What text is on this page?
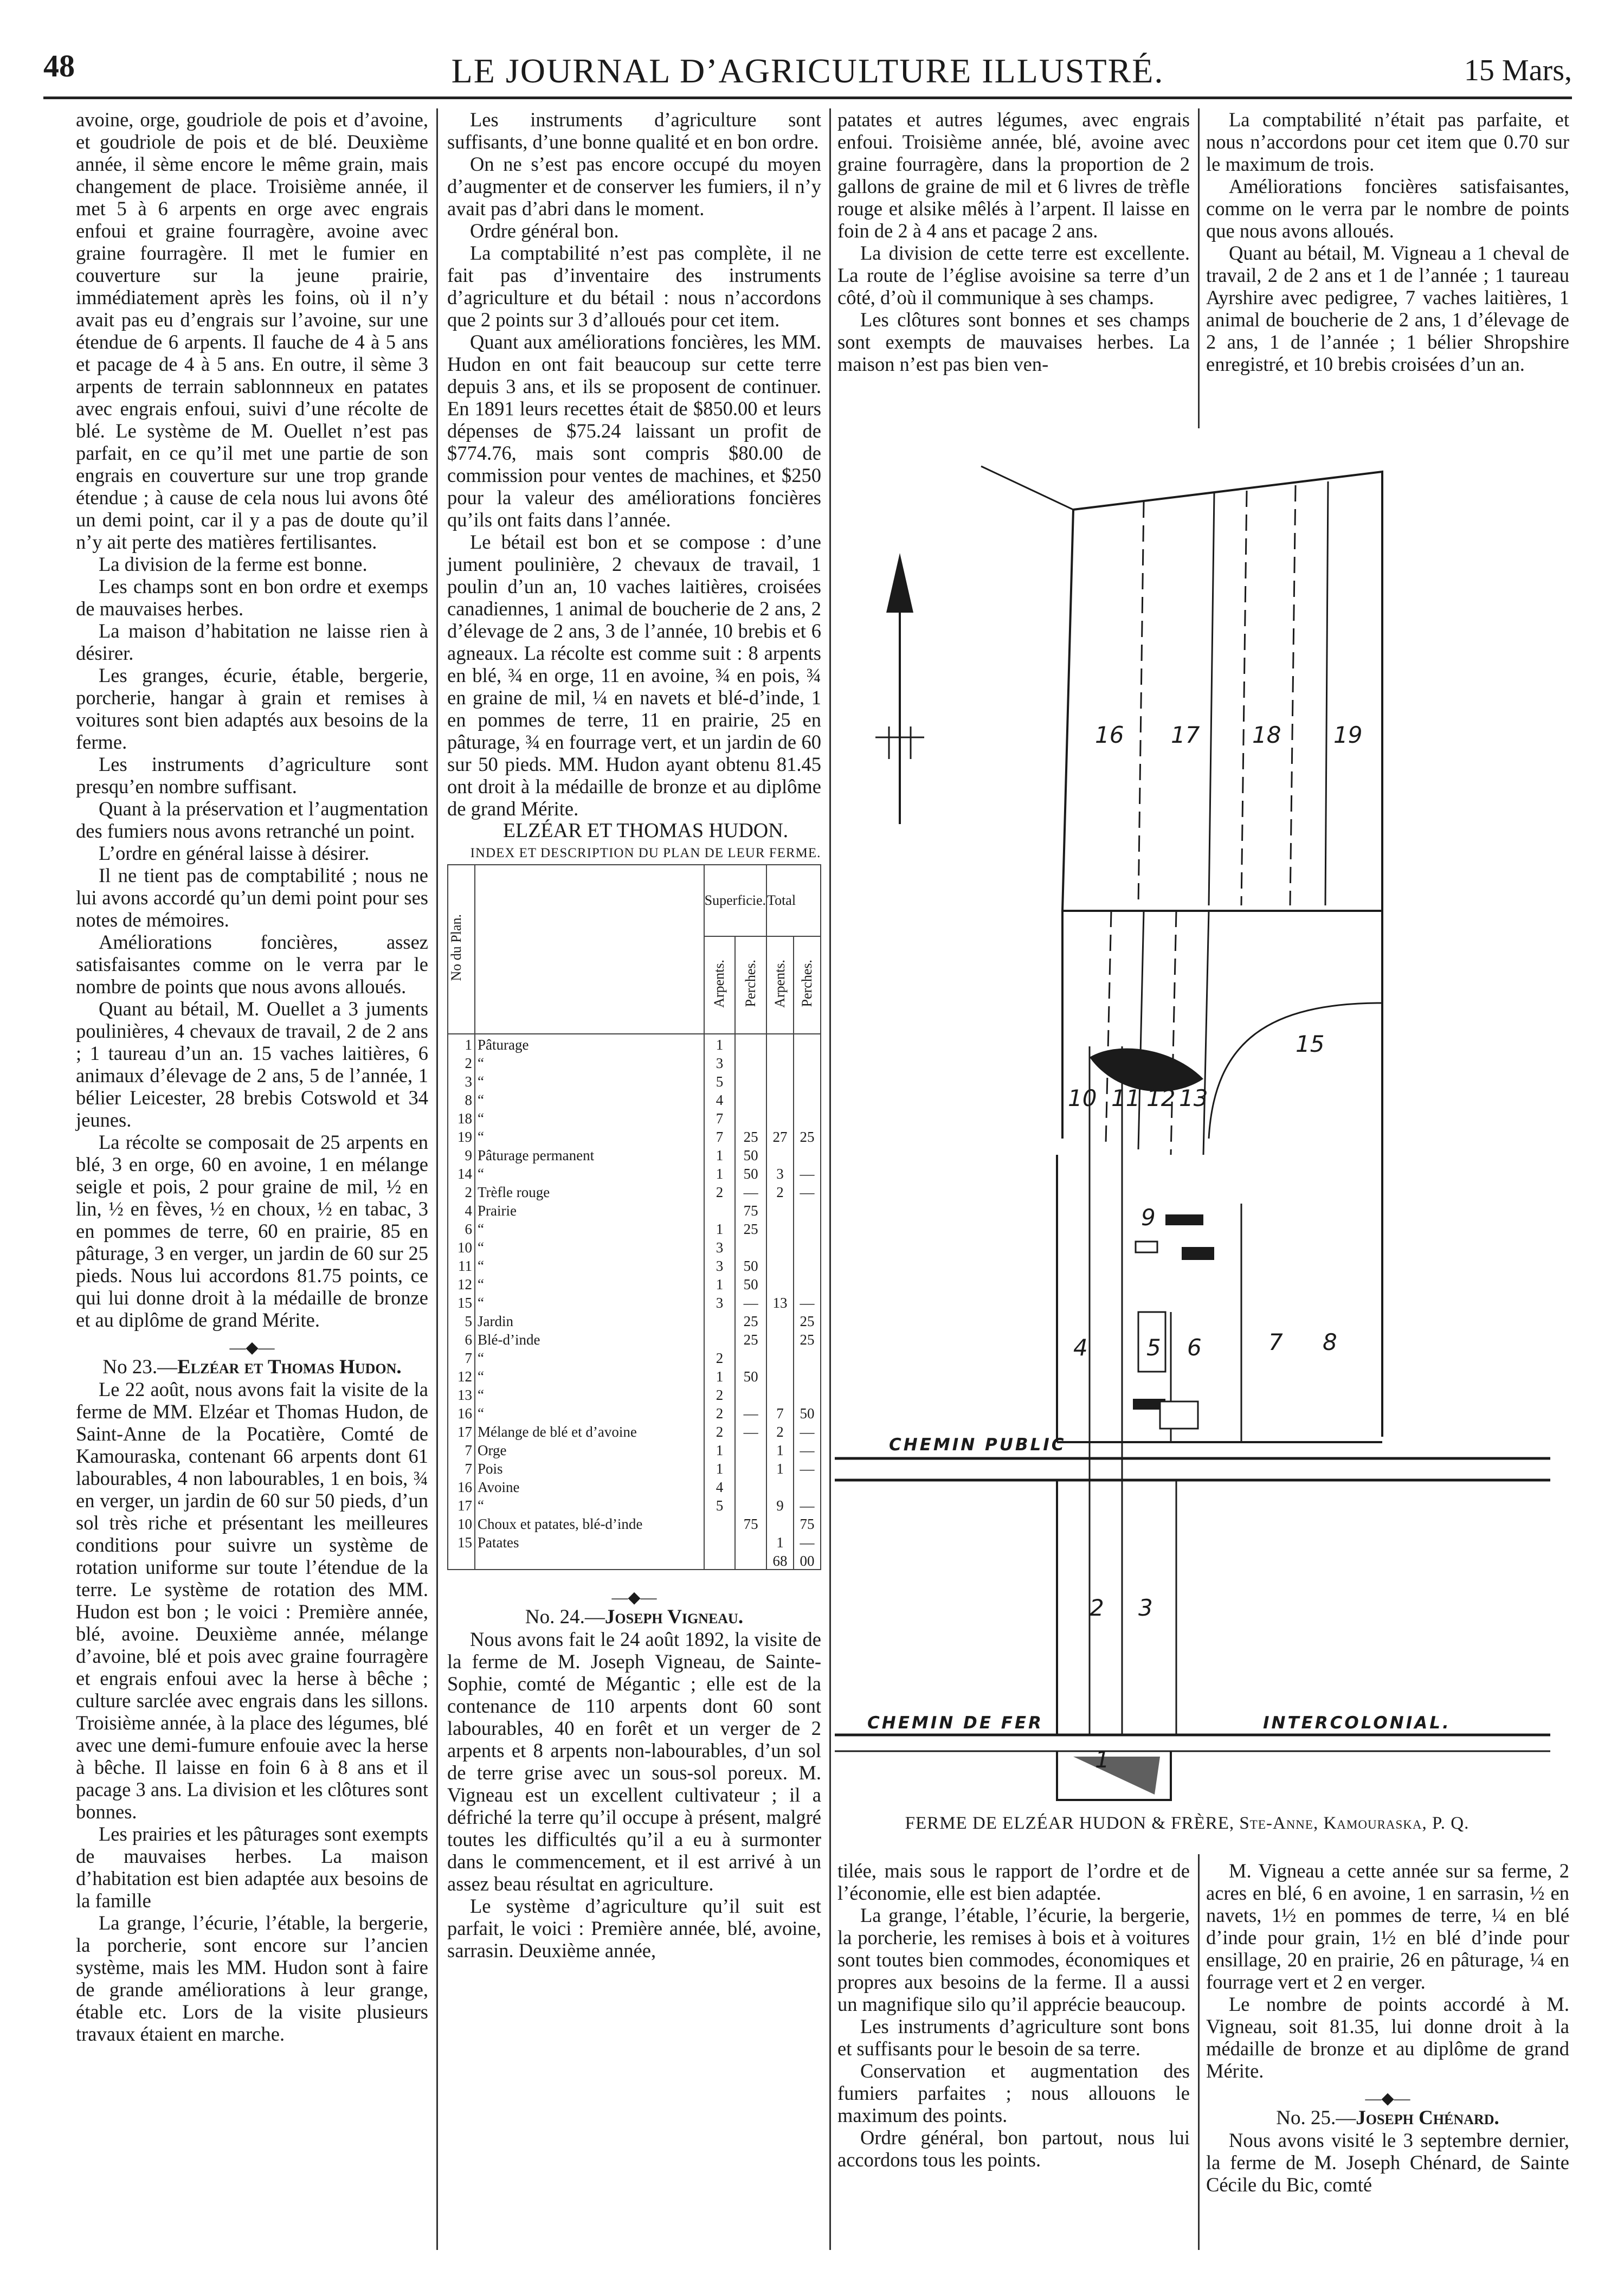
48	LE JOURNAL D’AGRICULTURE ILLUSTRÉ.	15 Mars,

avoine, orge, goudriole de pois et d’avoine, et goudriole de pois et de blé. Deuxième année, il sème encore le même grain, mais changement de place. Troisième année, il met 5 à 6 arpents en orge avec engrais enfoui et graine fourragère, avoine avec graine fourragère. Il met le fumier en couverture sur la jeune prairie, immédiatement après les foins, où il n’y avait pas eu d’engrais sur l’avoine, sur une étendue de 6 arpents. Il fauche de 4 à 5 ans et pacage de 4 à 5 ans. En outre, il sème 3 arpents de terrain sablonnneux en patates avec engrais enfoui, suivi d’une récolte de blé. Le système de M. Ouellet n’est pas parfait, en ce qu’il met une partie de son engrais en couverture sur une trop grande étendue ; à cause de cela nous lui avons ôté un demi point, car il y a pas de doute qu’il n’y ait perte des matières fertilisantes.

La division de la ferme est bonne.

Les champs sont en bon ordre et exemps de mauvaises herbes.

La maison d’habitation ne laisse rien à désirer.

Les granges, écurie, étable, bergerie, porcherie, hangar à grain et remises à voitures sont bien adaptés aux besoins de la ferme.

Les instruments d’agriculture sont presqu’en nombre suffisant.

Quant à la préservation et l’augmentation des fumiers nous avons retranché un point.

L’ordre en général laisse à désirer.

Il ne tient pas de comptabilité ; nous ne lui avons accordé qu’un demi point pour ses notes de mémoires.

Améliorations foncières, assez satisfaisantes comme on le verra par le nombre de points que nous avons alloués.

Quant au bétail, M. Ouellet a 3 juments poulinières, 4 chevaux de travail, 2 de 2 ans ; 1 taureau d’un an. 15 vaches laitières, 6 animaux d’élevage de 2 ans, 5 de l’année, 1 bélier Leicester, 28 brebis Cotswold et 34 jeunes.

La récolte se composait de 25 arpents en blé, 3 en orge, 60 en avoine, 1 en mélange seigle et pois, 2 pour graine de mil, ½ en lin, ½ en fèves, ½ en choux, ½ en tabac, 3 en pommes de terre, 60 en prairie, 85 en pâturage, 3 en verger, un jardin de 60 sur 25 pieds. Nous lui accordons 81.75 points, ce qui lui donne droit à la médaille de bronze et au diplôme de grand Mérite.

—◆—

No 23.—Elzéar et Thomas Hudon.

Le 22 août, nous avons fait la visite de la ferme de MM. Elzéar et Thomas Hudon, de Saint-Anne de la Pocatière, Comté de Kamouraska, contenant 66 arpents dont 61 labourables, 4 non labourables, 1 en bois, ¾ en verger, un jardin de 60 sur 50 pieds, d’un sol très riche et présentant les meilleures conditions pour suivre un système de rotation uniforme sur toute l’étendue de la terre. Le système de rotation des MM. Hudon est bon ; le voici : Première année, blé, avoine. Deuxième année, mélange d’avoine, blé et pois avec graine fourragère et engrais enfoui avec la herse à bêche ; culture sarclée avec engrais dans les sillons. Troisième année, à la place des légumes, blé avec une demi-fumure enfouie avec la herse à bêche. Il laisse en foin 6 à 8 ans et il pacage 3 ans. La division et les clôtures sont bonnes.

Les prairies et les pâturages sont exempts de mauvaises herbes. La maison d’habitation est bien adaptée aux besoins de la famille

La grange, l’écurie, l’étable, la bergerie, la porcherie, sont encore sur l’ancien système, mais les MM. Hudon sont à faire de grande améliorations à leur grange, étable etc. Lors de la visite plusieurs travaux étaient en marche.

Les instruments d’agriculture sont suffisants, d’une bonne qualité et en bon ordre.

On ne s’est pas encore occupé du moyen d’augmenter et de conserver les fumiers, il n’y avait pas d’abri dans le moment.

Ordre général bon.

La comptabilité n’est pas complète, il ne fait pas d’inventaire des instruments d’agriculture et du bétail : nous n’accordons que 2 points sur 3 d’alloués pour cet item.

Quant aux améliorations foncières, les MM. Hudon en ont fait beaucoup sur cette terre depuis 3 ans, et ils se proposent de continuer. En 1891 leurs recettes était de $850.00 et leurs dépenses de $75.24 laissant un profit de $774.76, mais sont compris $80.00 de commission pour ventes de machines, et $250 pour la valeur des améliorations foncières qu’ils ont faits dans l’année.

Le bétail est bon et se compose : d’une jument poulinière, 2 chevaux de travail, 1 poulin d’un an, 10 vaches laitières, croisées canadiennes, 1 animal de boucherie de 2 ans, 2 d’élevage de 2 ans, 3 de l’année, 10 brebis et 6 agneaux. La récolte est comme suit : 8 arpents en blé, ¾ en orge, 11 en avoine, ¾ en pois, ¾ en graine de mil, ¼ en navets et blé-d’inde, 1 en pommes de terre, 11 en prairie, 25 en pâturage, ¾ en fourrage vert, et un jardin de 60 sur 50 pieds. MM. Hudon ayant obtenu 81.45 ont droit à la médaille de bronze et au diplôme de grand Mérite.

ELZÉAR ET THOMAS HUDON.

INDEX ET DESCRIPTION DU PLAN DE LEUR FERME.

No du Plan.		Superficie.		Total	
		Arpents.	Perches.	Arpents.	Perches.
1	Pâturage	1			
2	“	3			
3	“	5			
8	“	4			
18	“	7			
19	“	7	25	27	25
9	Pâturage permanent	1	50		
14	“	1	50	3	—
2	Trèfle rouge	2	—	2	—
4	Prairie		75		
6	“	1	25		
10	“	3			
11	“	3	50		
12	“	1	50		
15	“	3	—	13	—
5	Jardin		25		25
6	Blé-d’inde		25		25
7	“	2			
12	“	1	50		
13	“	2			
16	“	2	—	7	50
17	Mélange de blé et d’avoine	2	—	2	—
7	Orge	1		1	—
7	Pois	1		1	—
16	Avoine	4			
17	“	5		9	—
10	Choux et patates, blé-d’inde		75		75
15	Patates			1	—
				68	00
—◆—

No. 24.—Joseph Vigneau.

Nous avons fait le 24 août 1892, la visite de la ferme de M. Joseph Vigneau, de Sainte-Sophie, comté de Mégantic ; elle est de la contenance de 110 arpents dont 60 sont labourables, 40 en forêt et un verger de 2 arpents et 8 arpents non-labourables, d’un sol de terre grise avec un sous-sol poreux. M. Vigneau est un excellent cultivateur ; il a défriché la terre qu’il occupe à présent, malgré toutes les difficultés qu’il a eu à surmonter dans le commencement, et il est arrivé à un assez beau résultat en agriculture.

Le système d’agriculture qu’il suit est parfait, le voici : Première année, blé, avoine, sarrasin. Deuxième année,

patates et autres légumes, avec engrais enfoui. Troisième année, blé, avoine avec graine fourragère, dans la proportion de 2 gallons de graine de mil et 6 livres de trèfle rouge et alsike mêlés à l’arpent. Il laisse en foin de 2 à 4 ans et pacage 2 ans.

La division de cette terre est excellente. La route de l’église avoisine sa terre d’un côté, d’où il communique à ses champs.

Les clôtures sont bonnes et ses champs sont exempts de mauvaises herbes. La maison n’est pas bien ven-

La comptabilité n’était pas parfaite, et nous n’accordons pour cet item que 0.70 sur le maximum de trois.

Améliorations foncières satisfaisantes, comme on le verra par le nombre de points que nous avons alloués.

Quant au bétail, M. Vigneau a 1 cheval de travail, 2 de 2 ans et 1 de l’année ; 1 taureau Ayrshire avec pedigree, 7 vaches laitières, 1 animal de boucherie de 2 ans, 1 d’élevage de 2 ans, 1 de l’année ; 1 bélier Shropshire enregistré, et 10 brebis croisées d’un an.

1
2 3
4	5 6	7 8
9
10 11 12 13
15
16 17 18 19
CHEMIN PUBLIC
CHEMIN DE FER	INTERCOLONIAL.
FERME DE ELZÉAR HUDON & FRÈRE, Ste-Anne, Kamouraska, P. Q.

tilée, mais sous le rapport de l’ordre et de l’économie, elle est bien adaptée.

La grange, l’étable, l’écurie, la bergerie, la porcherie, les remises à bois et à voitures sont toutes bien commodes, économiques et propres aux besoins de la ferme. Il a aussi un magnifique silo qu’il apprécie beaucoup.

Les instruments d’agriculture sont bons et suffisants pour le besoin de sa terre.

Conservation et augmentation des fumiers parfaites ; nous allouons le maximum des points.

Ordre général, bon partout, nous lui accordons tous les points.

M. Vigneau a cette année sur sa ferme, 2 acres en blé, 6 en avoine, 1 en sarrasin, ½ en navets, 1½ en pommes de terre, ¼ en blé d’inde pour grain, 1½ en blé d’inde pour ensillage, 20 en prairie, 26 en pâturage, ¼ en fourrage vert et 2 en verger.

Le nombre de points accordé à M. Vigneau, soit 81.35, lui donne droit à la médaille de bronze et au diplôme de grand Mérite.

—◆—

No. 25.—Joseph Chénard.

Nous avons visité le 3 septembre dernier, la ferme de M. Joseph Chénard, de Sainte Cécile du Bic, comté
